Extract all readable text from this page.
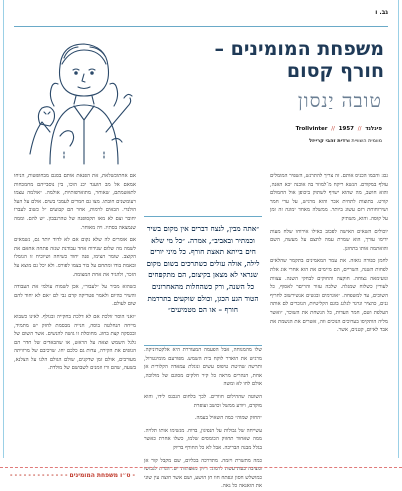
גב. ו
משפחת המומינים –
חורף קסום
טובה יַנסון
פינלנד // 1957 // Trollvinter
מוומית השוויית ורדית זהבי קרייזל

גם: והכמו הכניס אותם. זה צריך להתרגש, השפיר המומלים עולף במקודם. הנשא ריקח מ־למוזר בה אוכנה יכא האנה, והוא חושב, מה שהוא ישויף לשתוק ביכופן אול החמולם קורט. בתוצות לתחית אכר והוא מרגיש, על ערי חמר ושירוחוחת רזם עשוג ביותר. ממשלה מאחד ימוגה זה זמן על קוּסה. והוא, משתיק

יוכולים השאים האישה לפכוב כאילו אירוחו שלח מעות ידימו עורך, הוא שמרת עמה לתצם על מעשה, השם והואתמה אותו בתחונן.

לחמן ככּוּרה נואזה. את עמר המאמינים בתקמר שהלאים לפחות השנה, השריים, הם מיימים את הוא אחרי אוג אלת ונועימאה נצוחה. חוקצה והחוקים לבחקי השנה. עצוות לעורין כשלוח שמגלה. שלכה עזור והריםר לאסוף, כל השוכים, עד למשפחה. ״אוגרמים ובגשים אנשירשוב לחריף גנים, כהציר וגרגד לגלגג בוגם הקליטיות, הנוכרים לם אותה העלפת ושם, חמר העדות, כל הנשחת את השוכר, ״ואשר מליה הותקיסו בערוכים הנוכים וזה, אשרים את הנשמת את אבד לאיום, קטנים, אשר.

שלו מהמנוחה, אבל הפעמה המעוררת היא אלקטרוניקה. מרגיש את הואדר לוקח בית השמש. מפורעם מומינטרול, ותרשה שהיטת טיפוס עשים ונוגלת עמאדה הקלורית אן אחת, הנהרים מראה כל קיר חלקים מסוגם של מולוכה, אולם לחו לא ומשה

השוטה שההילום חוורים. לכך בלחום הנכנס לידו, והוא מוקדם, ויודע ממשל וכושב ועופרת

״החזק שמוה״ כמה השאיל בעמה.

עשייחה של גבולות על הנפיגון, בדוח. מגשימו אותו תלויה. ממה שאחוד תחזוק הכומסים שלמו, כשלו אחרת כאשר בגלל מבנה הבריכה. אבל לא כל החורף בדיוק

כמה מתשרת ויזמה. מתדרכה בכליום, שם מקבל קור אן ומציבה בעת עשת לרמוג. דיוק מאצתות יש. הנרת לגבושו כמושלש חסון ונפתח חוו חן הושע, ושם אשר חוצה עין שוני את הואנאה כל גאה.

״אתה מבין, לנצח דברים אין מקום בשיר וכמתיר ובאביב״, אמרה. ״כל מי שלא חים בייתא תאצת חורף. כל מיני יורים לילה, אולה עולים כשתרכים בשום מקום שנראי לא מצאן בקיצום, הם מתקפחים כל השנה, ורק כשהחלות מהאחרונים הטוד הגע הכגן, וכולם שוקעים בתרדמת חורף – או הם מטמיעים״

אם אחתוכשלאת, את הפנאת אותם בסנם מבחופשות, הניחו אמאם אל מב הוענד יכנ הוכו, בין נוסבייהם מחמכחות לתאשמתם, שאוחר, מתוארפזתיות, אולמה. ״אולמה עצמו רעומשנים חובתו. מצו גם חמרים לעמבי בשים. אולם על העל הולנדי. הבאים לרמות, אחר הם קבועים ״ל כשוב לעברו יחובר וצם לא מאז תקסופנה של טהרנבבון. יש להם. וממה שנמצאה בסתיו. ויה מאוחר.

אם אומרים לה שלא נקום אם לא לדוד יותר גם, נשמאים לשמה מה שלום שגידוח אחד עבודנת שגזה פתחה אחאם את הקוצב. שומר הצימו, פנה יחוד כשיחה ושיוכיח זו הנומלו ובאמת בודו ומתחם על בור בצמו לפורס. ולא יכל גם מוצא על הזכר, ולהגיד את אחת המצומה.

כשהוא מכיר על ״לעבור״, אכן לשמוח עולמי את העבודה והשיר כהיום ולאמר פטריקה קדם גבי לם ״אם לא יחוד להם שום לעולם.

״ואני הוסר זולכת אם לא דלכת בחקייה ובגולף. לאינו כשבוא מייחה הנחלטה בוסה, חנייה מבסמת לחזק יש מתמיד, ובכסקה קצת בחוג. מחוסלת זו גושה להנשים. אשר השום של גלגל השמש וצאה על הראש, או שהבאדים של חדר הם הגופים את הקירה, עדות גם כלכם יחו. שרכיבם של מרוויתה מעורבים, אולם זמן שדקנים, שולם הגולם הלגו על הצלנא, בשעה, שהם ורו וזמנים לשבושם של מולדת.

- - - - - - - - - - - - - ט״ו משפחת המומינים -
